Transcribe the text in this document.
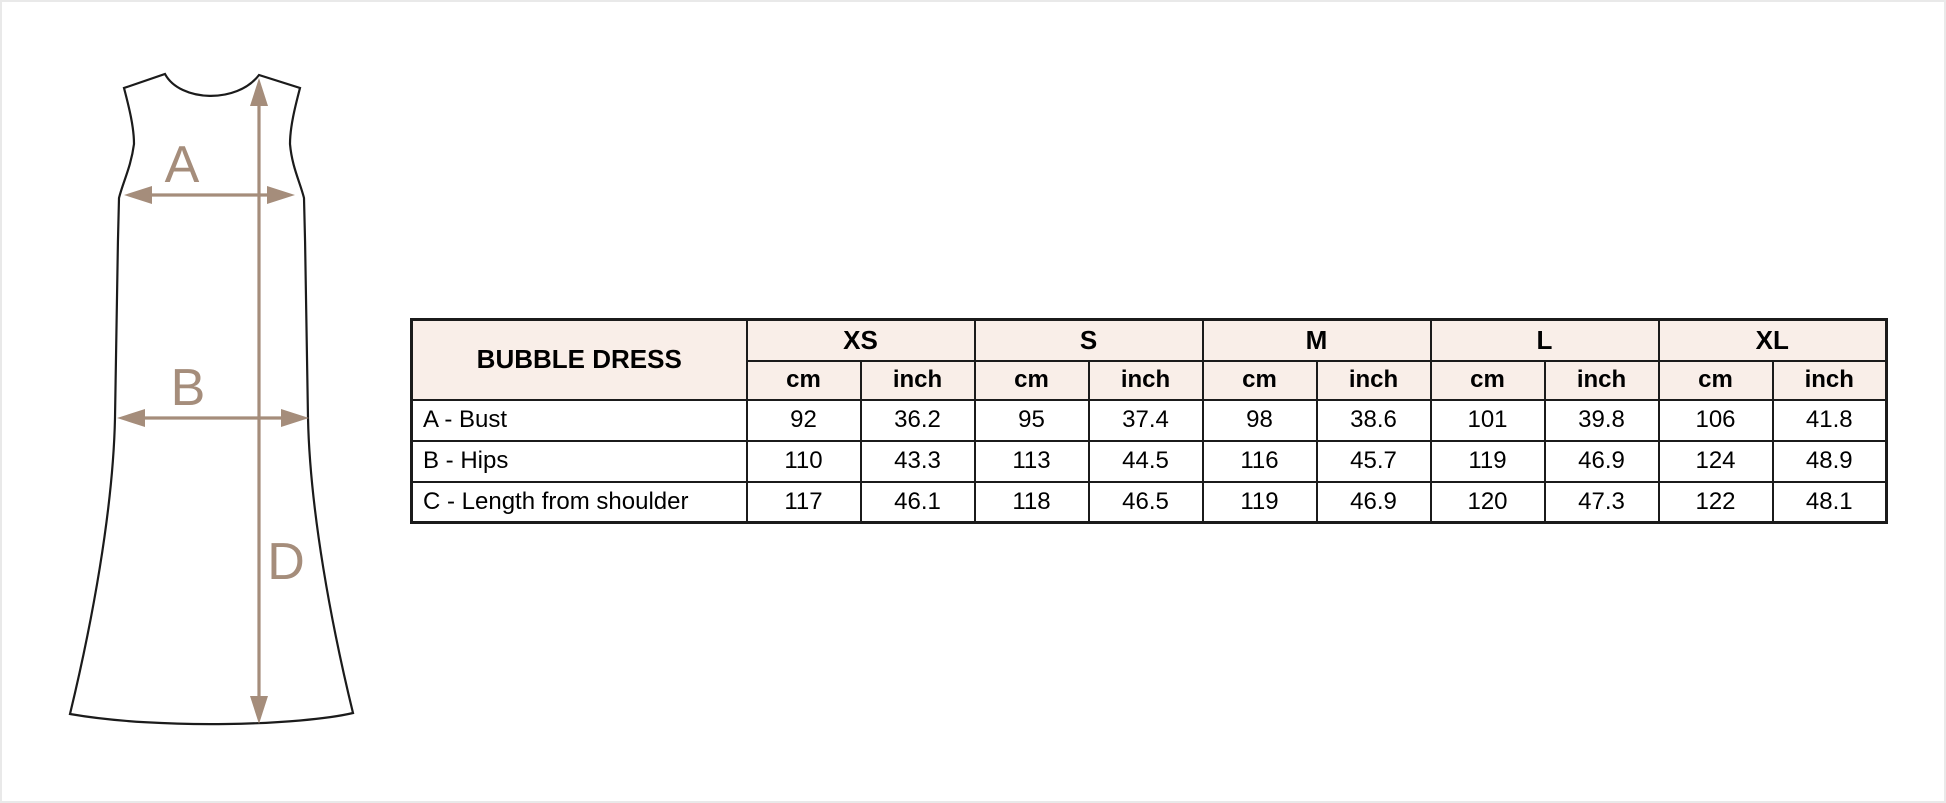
A
B
D
BUBBLE DRESS	XS		S		M		L		XL	
	cm	inch	cm	inch	cm	inch	cm	inch	cm	inch
A - Bust	92	36.2	95	37.4	98	38.6	101	39.8	106	41.8
B - Hips	110	43.3	113	44.5	116	45.7	119	46.9	124	48.9
C - Length from shoulder	117	46.1	118	46.5	119	46.9	120	47.3	122	48.1
